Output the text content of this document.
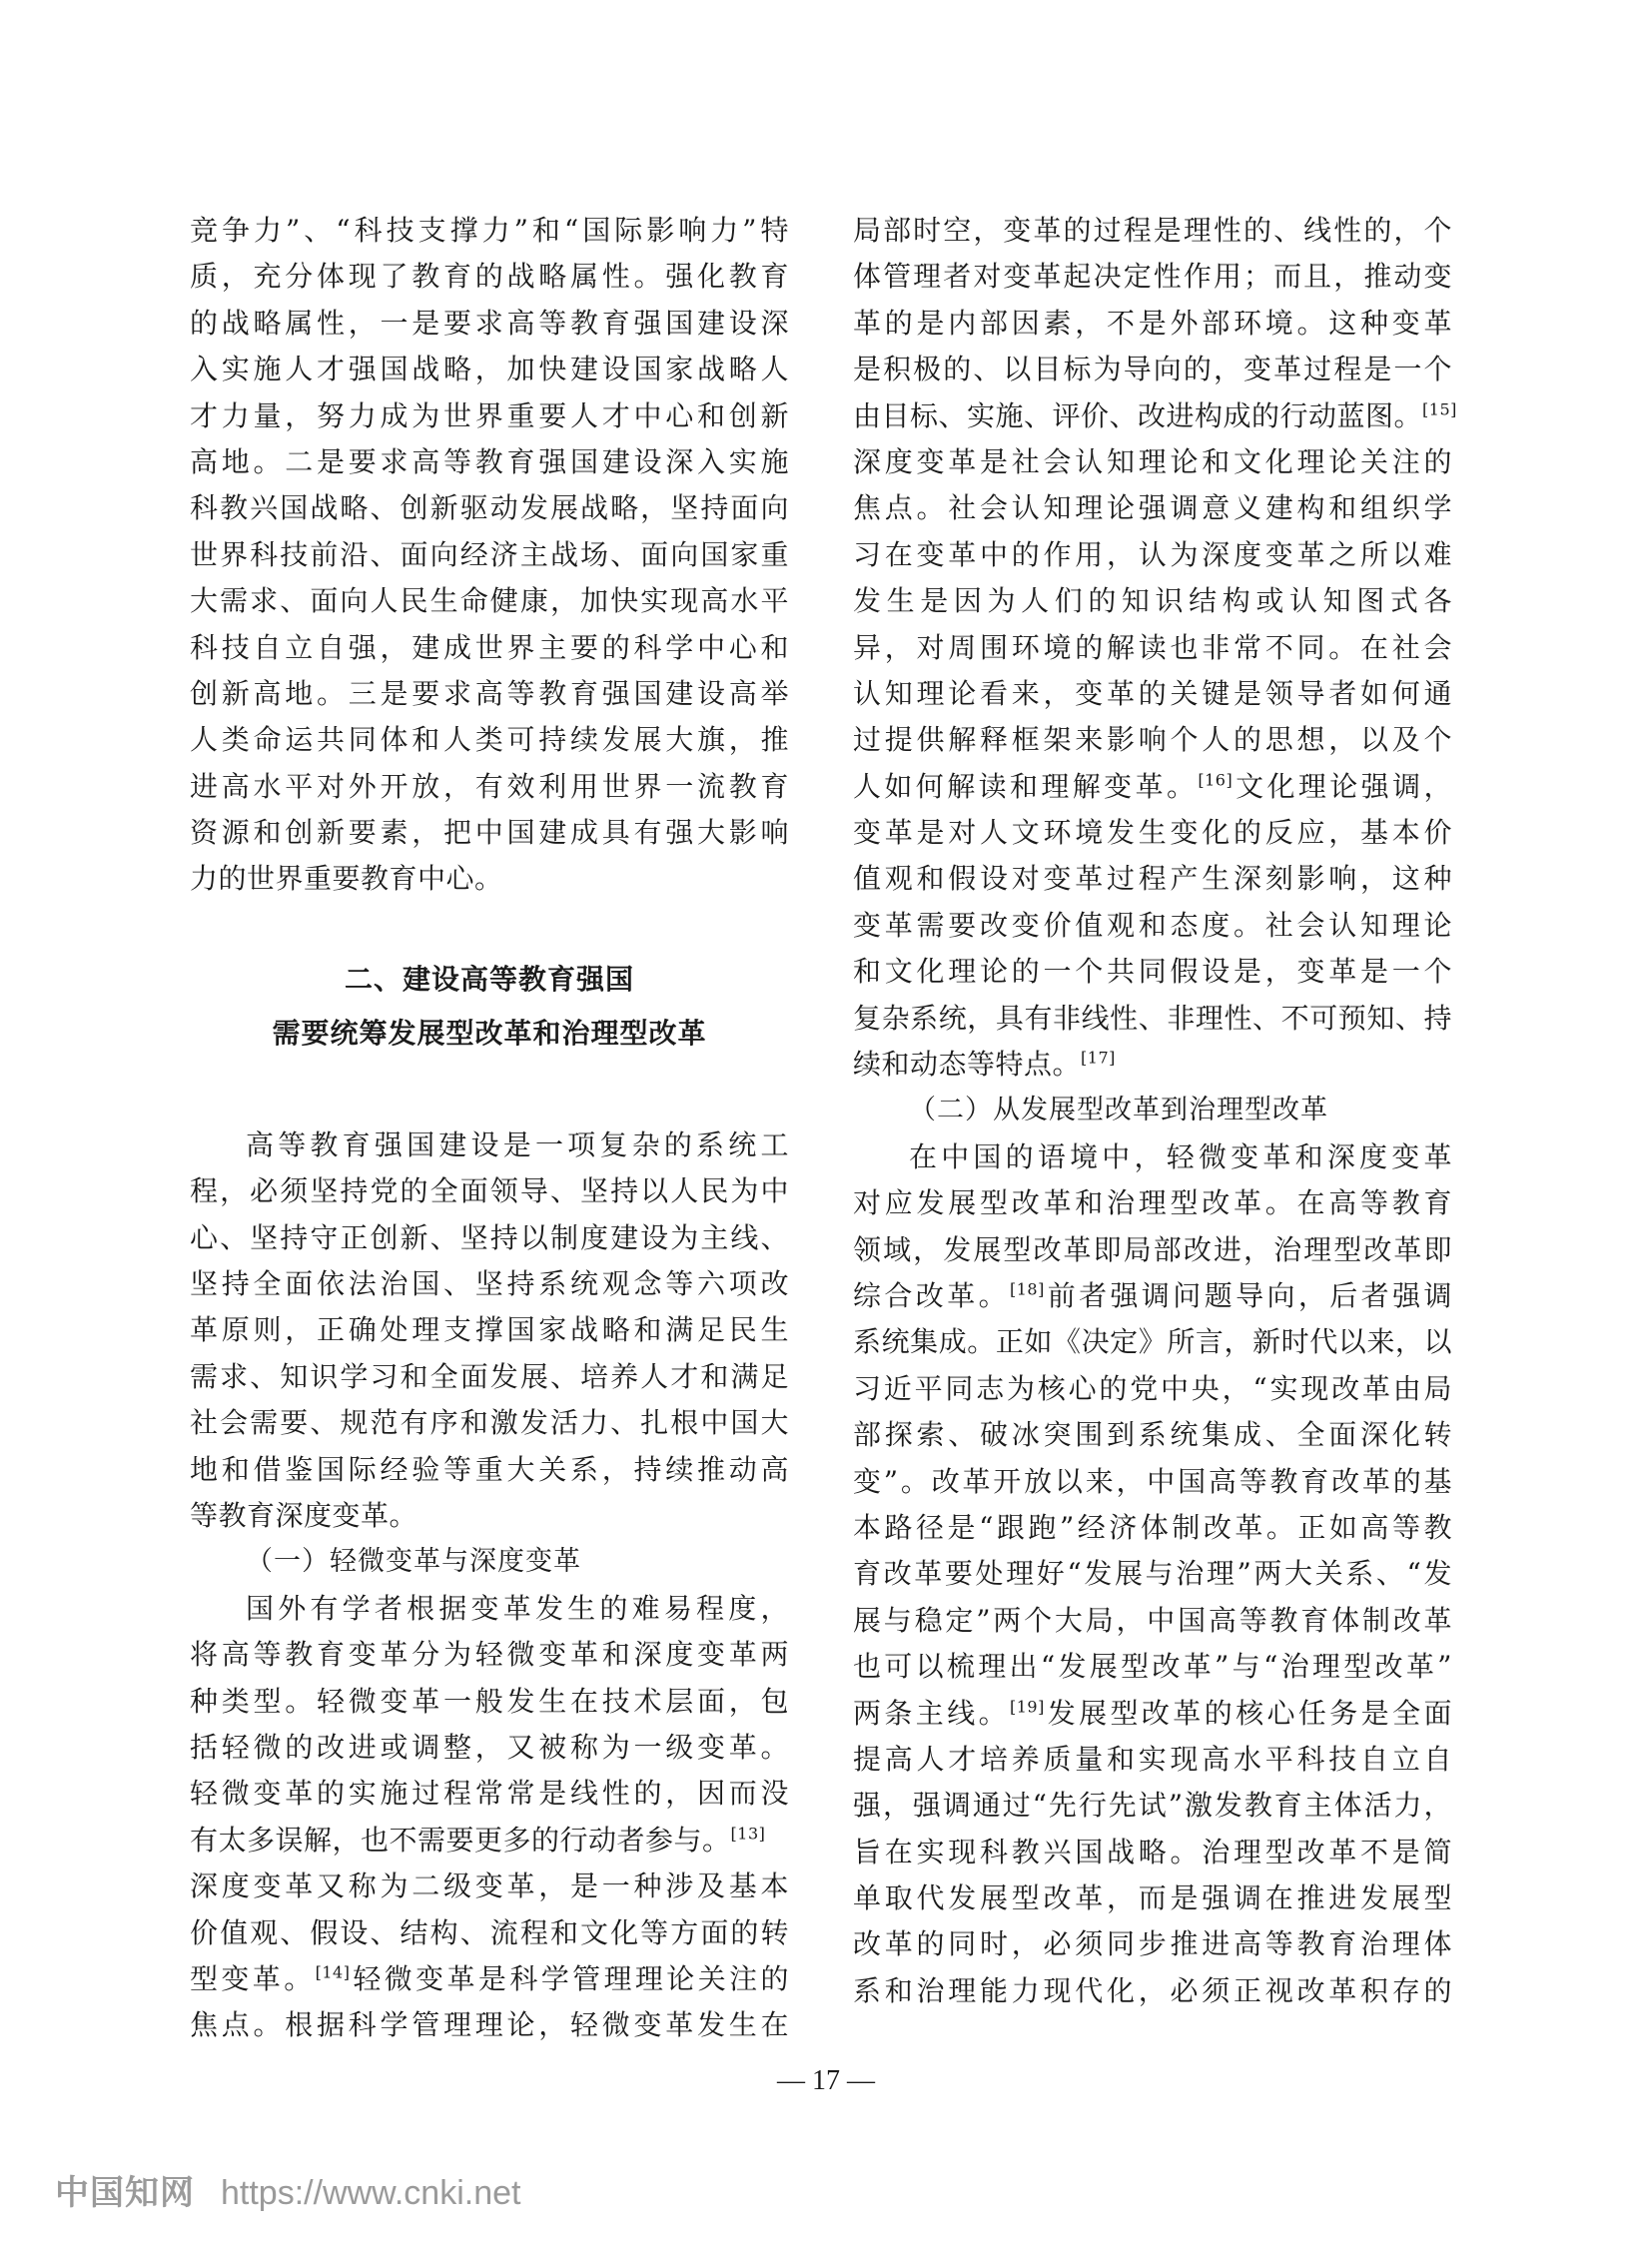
竞争力”、“科技支撑力”和“国际影响力”特
质，充分体现了教育的战略属性。强化教育
的战略属性，一是要求高等教育强国建设深
入实施人才强国战略，加快建设国家战略人
才力量，努力成为世界重要人才中心和创新
高地。二是要求高等教育强国建设深入实施
科教兴国战略、创新驱动发展战略，坚持面向
世界科技前沿、面向经济主战场、面向国家重
大需求、面向人民生命健康，加快实现高水平
科技自立自强，建成世界主要的科学中心和
创新高地。三是要求高等教育强国建设高举
人类命运共同体和人类可持续发展大旗，推
进高水平对外开放，有效利用世界一流教育
资源和创新要素，把中国建成具有强大影响
力的世界重要教育中心。
二、建设高等教育强国
需要统筹发展型改革和治理型改革
高等教育强国建设是一项复杂的系统工
程，必须坚持党的全面领导、坚持以人民为中
心、坚持守正创新、坚持以制度建设为主线、
坚持全面依法治国、坚持系统观念等六项改
革原则，正确处理支撑国家战略和满足民生
需求、知识学习和全面发展、培养人才和满足
社会需要、规范有序和激发活力、扎根中国大
地和借鉴国际经验等重大关系，持续推动高
等教育深度变革。
（一）轻微变革与深度变革
国外有学者根据变革发生的难易程度，
将高等教育变革分为轻微变革和深度变革两
种类型。轻微变革一般发生在技术层面，包
括轻微的改进或调整，又被称为一级变革。
轻微变革的实施过程常常是线性的，因而没
有太多误解，也不需要更多的行动者参与。[13]
深度变革又称为二级变革，是一种涉及基本
价值观、假设、结构、流程和文化等方面的转
型变革。[14]轻微变革是科学管理理论关注的
焦点。根据科学管理理论，轻微变革发生在
局部时空，变革的过程是理性的、线性的，个
体管理者对变革起决定性作用；而且，推动变
革的是内部因素，不是外部环境。这种变革
是积极的、以目标为导向的，变革过程是一个
由目标、实施、评价、改进构成的行动蓝图。[15]
深度变革是社会认知理论和文化理论关注的
焦点。社会认知理论强调意义建构和组织学
习在变革中的作用，认为深度变革之所以难
发生是因为人们的知识结构或认知图式各
异，对周围环境的解读也非常不同。在社会
认知理论看来，变革的关键是领导者如何通
过提供解释框架来影响个人的思想，以及个
人如何解读和理解变革。[16]文化理论强调，
变革是对人文环境发生变化的反应，基本价
值观和假设对变革过程产生深刻影响，这种
变革需要改变价值观和态度。社会认知理论
和文化理论的一个共同假设是，变革是一个
复杂系统，具有非线性、非理性、不可预知、持
续和动态等特点。[17]
（二）从发展型改革到治理型改革
在中国的语境中，轻微变革和深度变革
对应发展型改革和治理型改革。在高等教育
领域，发展型改革即局部改进，治理型改革即
综合改革。[18]前者强调问题导向，后者强调
系统集成。正如《决定》所言，新时代以来，以
习近平同志为核心的党中央，“实现改革由局
部探索、破冰突围到系统集成、全面深化转
变”。改革开放以来，中国高等教育改革的基
本路径是“跟跑”经济体制改革。正如高等教
育改革要处理好“发展与治理”两大关系、“发
展与稳定”两个大局，中国高等教育体制改革
也可以梳理出“发展型改革”与“治理型改革”
两条主线。[19]发展型改革的核心任务是全面
提高人才培养质量和实现高水平科技自立自
强，强调通过“先行先试”激发教育主体活力，
旨在实现科教兴国战略。治理型改革不是简
单取代发展型改革，而是强调在推进发展型
改革的同时，必须同步推进高等教育治理体
系和治理能力现代化，必须正视改革积存的
— 17 —
中国知网 https://www.cnki.net
